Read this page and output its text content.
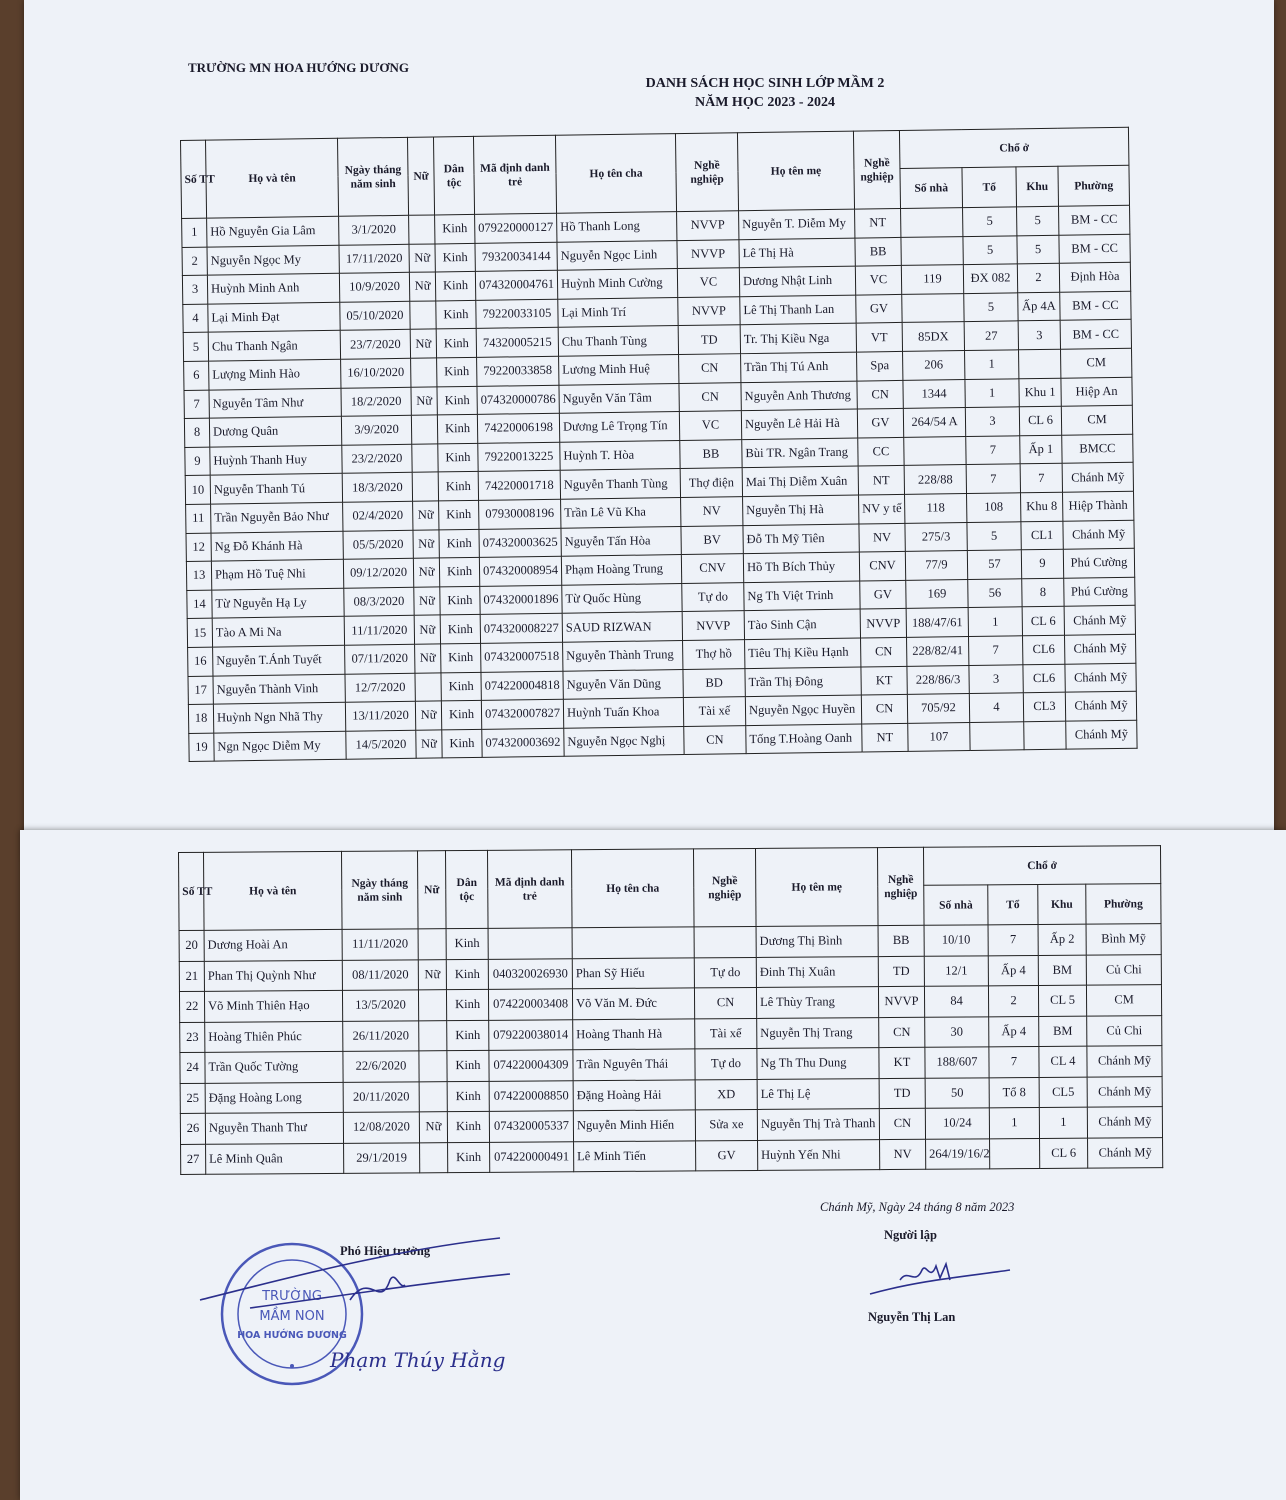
TRƯỜNG MN HOA HƯỚNG DƯƠNG
DANH SÁCH HỌC SINH LỚP MẦM 2
NĂM HỌC 2023 - 2024
Số TT	Họ và tên	Ngày tháng năm sinh	Nữ	Dân tộc	Mã định danh trẻ	Họ tên cha	Nghề nghiệp	Họ tên mẹ	Nghề nghiệp	Chổ ở			
										Số nhà	Tổ	Khu	Phường
1	Hồ Nguyễn Gia Lâm	3/1/2020		Kinh	079220000127	Hồ Thanh Long	NVVP	Nguyễn T. Diễm My	NT		5	5	BM - CC
2	Nguyễn Ngọc My	17/11/2020	Nữ	Kinh	79320034144	Nguyễn Ngọc Linh	NVVP	Lê Thị Hà	BB		5	5	BM - CC
3	Huỳnh Minh Anh	10/9/2020	Nữ	Kinh	074320004761	Huỳnh Minh Cường	VC	Dương Nhật Linh	VC	119	ĐX 082	2	Định Hòa
4	Lại Minh Đạt	05/10/2020		Kinh	79220033105	Lại Minh Trí	NVVP	Lê Thị Thanh Lan	GV		5	Ấp 4A	BM - CC
5	Chu Thanh Ngân	23/7/2020	Nữ	Kinh	74320005215	Chu Thanh Tùng	TD	Tr. Thị Kiều Nga	VT	85DX	27	3	BM - CC
6	Lượng Minh Hào	16/10/2020		Kinh	79220033858	Lương Minh Huệ	CN	Trần Thị Tú Anh	Spa	206	1		CM
7	Nguyễn Tâm Như	18/2/2020	Nữ	Kinh	074320000786	Nguyễn Văn Tâm	CN	Nguyễn Anh Thương	CN	1344	1	Khu 1	Hiệp An
8	Dương Quân	3/9/2020		Kinh	74220006198	Dương Lê Trọng Tín	VC	Nguyễn Lê Hải Hà	GV	264/54 A	3	CL 6	CM
9	Huỳnh Thanh Huy	23/2/2020		Kinh	79220013225	Huỳnh T. Hòa	BB	Bùi TR. Ngân Trang	CC		7	Ấp 1	BMCC
10	Nguyễn Thanh Tú	18/3/2020		Kinh	74220001718	Nguyễn Thanh Tùng	Thợ điện	Mai Thị Diễm Xuân	NT	228/88	7	7	Chánh Mỹ
11	Trần Nguyễn Bảo Như	02/4/2020	Nữ	Kinh	07930008196	Trần Lê Vũ Kha	NV	Nguyễn Thị Hà	NV y tế	118	108	Khu 8	Hiệp Thành
12	Ng Đỗ Khánh Hà	05/5/2020	Nữ	Kinh	074320003625	Nguyễn Tấn Hòa	BV	Đỗ Th Mỹ Tiên	NV	275/3	5	CL1	Chánh Mỹ
13	Phạm Hồ Tuệ Nhi	09/12/2020	Nữ	Kinh	074320008954	Phạm Hoàng Trung	CNV	Hồ Th Bích Thủy	CNV	77/9	57	9	Phú Cường
14	Từ Nguyễn Hạ Ly	08/3/2020	Nữ	Kinh	074320001896	Từ Quốc Hùng	Tự do	Ng Th Việt Trinh	GV	169	56	8	Phú Cường
15	Tào A Mi Na	11/11/2020	Nữ	Kinh	074320008227	SAUD RIZWAN	NVVP	Tào Sinh Cận	NVVP	188/47/61	1	CL 6	Chánh Mỹ
16	Nguyễn T.Ánh Tuyết	07/11/2020	Nữ	Kinh	074320007518	Nguyễn Thành Trung	Thợ hồ	Tiêu Thị Kiều Hạnh	CN	228/82/41	7	CL6	Chánh Mỹ
17	Nguyễn Thành Vinh	12/7/2020		Kinh	074220004818	Nguyễn Văn Dũng	BD	Trần Thị Đông	KT	228/86/3	3	CL6	Chánh Mỹ
18	Huỳnh Ngn Nhã Thy	13/11/2020	Nữ	Kinh	074320007827	Huỳnh Tuấn Khoa	Tài xế	Nguyễn Ngọc Huyền	CN	705/92	4	CL3	Chánh Mỹ
19	Ngn Ngọc Diễm My	14/5/2020	Nữ	Kinh	074320003692	Nguyễn Ngọc Nghị	CN	Tống T.Hoàng Oanh	NT	107			Chánh Mỹ
Số TT	Họ và tên	Ngày tháng năm sinh	Nữ	Dân tộc	Mã định danh trẻ	Họ tên cha	Nghề nghiệp	Họ tên mẹ	Nghề nghiệp	Chổ ở			
										Số nhà	Tổ	Khu	Phường
20	Dương Hoài An	11/11/2020		Kinh				Dương Thị Bình	BB	10/10	7	Ấp 2	Bình Mỹ
21	Phan Thị Quỳnh Như	08/11/2020	Nữ	Kinh	040320026930	Phan Sỹ Hiếu	Tự do	Đinh Thị Xuân	TD	12/1	Ấp 4	BM	Củ Chi
22	Võ Minh Thiên Hạo	13/5/2020		Kinh	074220003408	Võ Văn M. Đức	CN	Lê Thùy Trang	NVVP	84	2	CL 5	CM
23	Hoàng Thiên Phúc	26/11/2020		Kinh	079220038014	Hoàng Thanh Hà	Tài xế	Nguyễn Thị Trang	CN	30	Ấp 4	BM	Củ Chi
24	Trần Quốc Tường	22/6/2020		Kinh	074220004309	Trần Nguyên Thái	Tự do	Ng Th Thu Dung	KT	188/607	7	CL 4	Chánh Mỹ
25	Đặng Hoàng Long	20/11/2020		Kinh	074220008850	Đặng Hoàng Hải	XD	Lê Thị Lệ	TD	50	Tổ 8	CL5	Chánh Mỹ
26	Nguyễn Thanh Thư	12/08/2020	Nữ	Kinh	074320005337	Nguyễn Minh Hiển	Sửa xe	Nguyễn Thị Trà Thanh	CN	10/24	1	1	Chánh Mỹ
27	Lê Minh Quân	29/1/2019		Kinh	074220000491	Lê Minh Tiến	GV	Huỳnh Yến Nhi	NV	264/19/16/2		CL 6	Chánh Mỹ
Chánh Mỹ, Ngày 24 tháng 8 năm 2023
Người lập
Nguyễn Thị Lan
Phó Hiệu trưởng
TRƯỜNG
MẦM NON
HOA HƯỚNG DƯƠNG
Phạm Thúy Hằng
